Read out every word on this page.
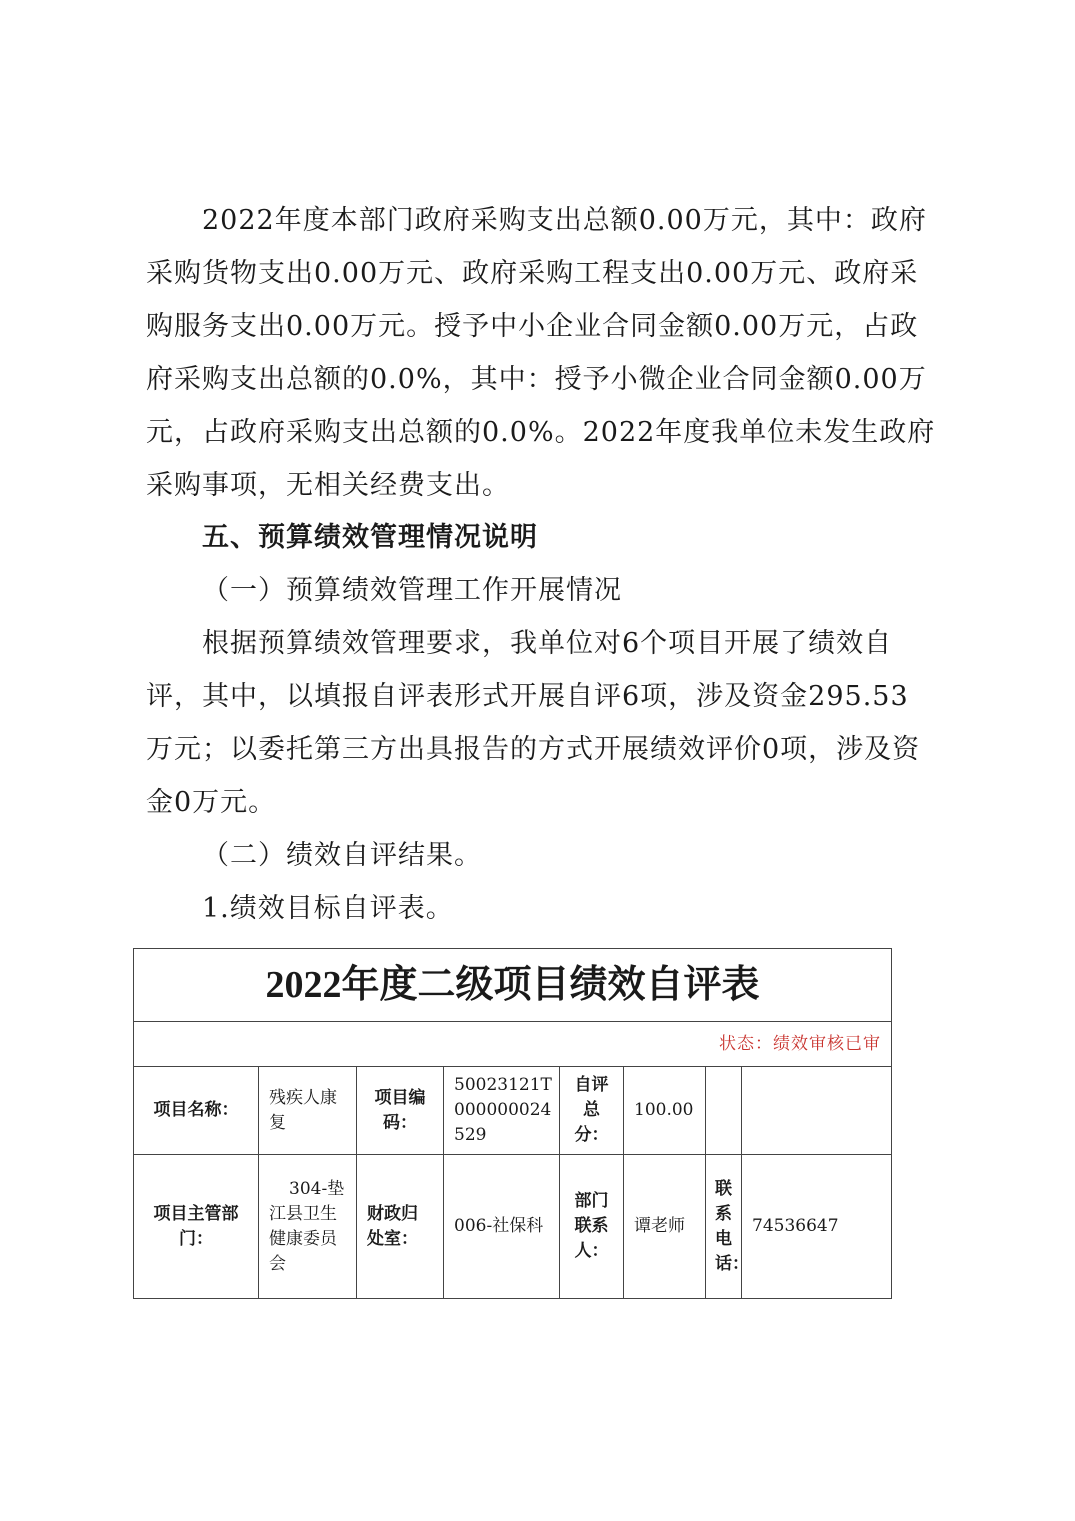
2022年度本部门政府采购支出总额0.00万元，其中：政府采购货物支出0.00万元、政府采购工程支出0.00万元、政府采购服务支出0.00万元。授予中小企业合同金额0.00万元，占政府采购支出总额的0.0%，其中：授予小微企业合同金额0.00万元，占政府采购支出总额的0.0%。2022年度我单位未发生政府采购事项，无相关经费支出。

五、预算绩效管理情况说明

（一）预算绩效管理工作开展情况

根据预算绩效管理要求，我单位对6个项目开展了绩效自评，其中，以填报自评表形式开展自评6项，涉及资金295.53万元；以委托第三方出具报告的方式开展绩效评价0项，涉及资金0万元。

（二）绩效自评结果。

1.绩效目标自评表。

2022年度二级项目绩效自评表							
状态：绩效审核已审							
项目名称：	残疾人康复	项目编码：	50023121T000000024529	自评总分：	100.00		
项目主管部门：	304-垫江县卫生健康委员会	财政归处室：	006-社保科	部门联系人：	谭老师	联系电话：	74536647
